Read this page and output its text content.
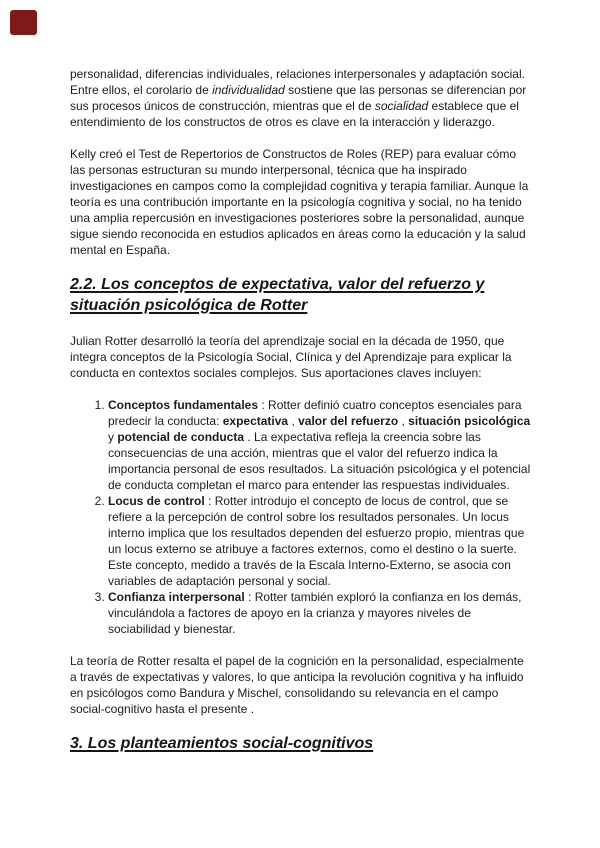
personalidad, diferencias individuales, relaciones interpersonales y adaptación social. Entre ellos, el corolario de individualidad sostiene que las personas se diferencian por sus procesos únicos de construcción, mientras que el de socialidad establece que el entendimiento de los constructos de otros es clave en la interacción y liderazgo.

Kelly creó el Test de Repertorios de Constructos de Roles (REP) para evaluar cómo las personas estructuran su mundo interpersonal, técnica que ha inspirado investigaciones en campos como la complejidad cognitiva y terapia familiar. Aunque la teoría es una contribución importante en la psicología cognitiva y social, no ha tenido una amplia repercusión en investigaciones posteriores sobre la personalidad, aunque sigue siendo reconocida en estudios aplicados en áreas como la educación y la salud mental en España.

2.2. Los conceptos de expectativa, valor del refuerzo y situación psicológica de Rotter

Julian Rotter desarrolló la teoría del aprendizaje social en la década de 1950, que integra conceptos de la Psicología Social, Clínica y del Aprendizaje para explicar la conducta en contextos sociales complejos. Sus aportaciones claves incluyen:

1. Conceptos fundamentales : Rotter definió cuatro conceptos esenciales para predecir la conducta: expectativa , valor del refuerzo , situación psicológica y potencial de conducta . La expectativa refleja la creencia sobre las consecuencias de una acción, mientras que el valor del refuerzo indica la importancia personal de esos resultados. La situación psicológica y el potencial de conducta completan el marco para entender las respuestas individuales.
2. Locus de control : Rotter introdujo el concepto de locus de control, que se refiere a la percepción de control sobre los resultados personales. Un locus interno implica que los resultados dependen del esfuerzo propio, mientras que un locus externo se atribuye a factores externos, como el destino o la suerte. Este concepto, medido a través de la Escala Interno-Externo, se asocia con variables de adaptación personal y social.
3. Confianza interpersonal : Rotter también exploró la confianza en los demás, vinculándola a factores de apoyo en la crianza y mayores niveles de sociabilidad y bienestar.

La teoría de Rotter resalta el papel de la cognición en la personalidad, especialmente a través de expectativas y valores, lo que anticipa la revolución cognitiva y ha influido en psicólogos como Bandura y Mischel, consolidando su relevancia en el campo social-cognitivo hasta el presente .

3. Los planteamientos social-cognitivos
